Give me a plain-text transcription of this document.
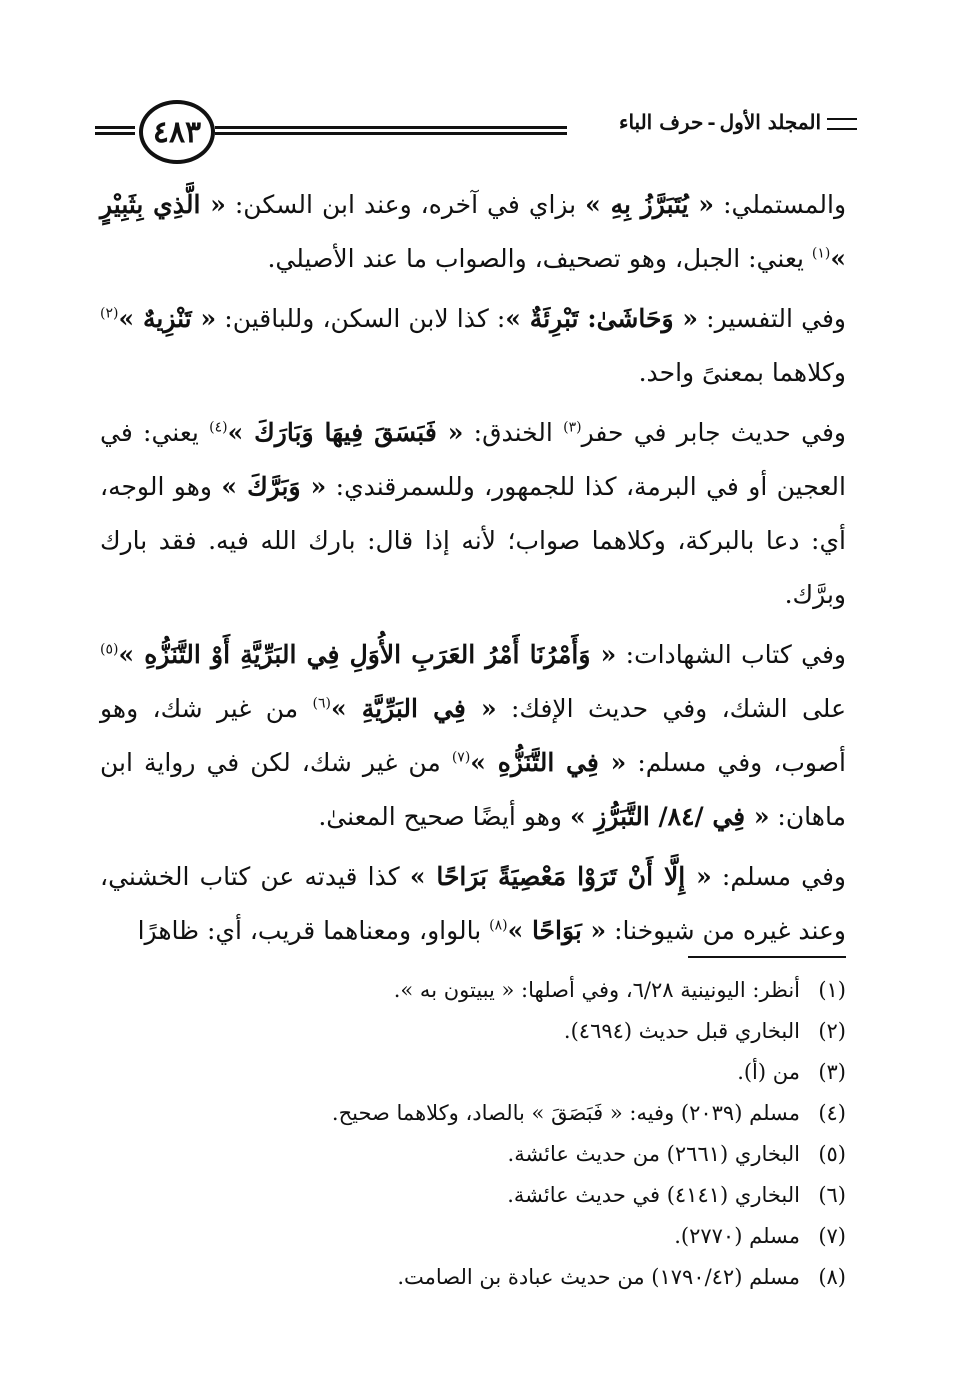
٤٨٣	المجلد الأول-حرف الباء

والمستملي: « يُتَبَرَّزُ بِهِ » بزاي في آخره، وعند ابن السكن: « الَّذِي بِثَبِيْرٍ »$^{(١)}$ يعني: الجبل، وهو تصحيف، والصواب ما عند الأصيلي.

وفي التفسير: « وَحَاشَىٰ: تَبْرِئَةٌ »: كذا لابن السكن، وللباقين: « تَنْزِيهٌ »$^{(٢)}$ وكلاهما بمعنىً واحد.

وفي حديث جابر في حفر$^{(٣)}$ الخندق: « فَبَسَقَ فِيهَا وَبَارَكَ »$^{(٤)}$ يعني: في العجين أو في البرمة، كذا للجمهور، وللسمرقندي: « وَبَرَّكَ » وهو الوجه، أي: دعا بالبركة، وكلاهما صواب؛ لأنه إذا قال: بارك الله فيه. فقد بارك وبرَّك.

وفي كتاب الشهادات: « وَأَمْرُنَا أَمْرُ العَرَبِ الأُوَلِ فِي البَرِّيَّةِ أَوْ التَّنَزُّهِ »$^{(٥)}$ على الشك، وفي حديث الإفك: « فِي البَرِّيَّةِ »$^{(٦)}$ من غير شك، وهو أصوب، وفي مسلم: « فِي التَّنَزُّهِ »$^{(٧)}$ من غير شك، لكن في رواية ابن ماهان: « فِي /٨٤/ التَّبَرُّزِ » وهو أيضًا صحيح المعنىٰ.

وفي مسلم: « إِلَّا أَنْ تَرَوْا مَعْصِيَةً بَرَاحًا » كذا قيدته عن كتاب الخشني، وعند غيره من شيوخنا: « بَوَاحًا »$^{(٨)}$ بالواو، ومعناهما قريب، أي: ظاهرًا

(١)
أنظر: اليونينية ٦/٢٨، وفي أصلها: « يبيتون به ».
(٢)
البخاري قبل حديث (٤٦٩٤).
(٣)
من (أ).
(٤)
مسلم (٢٠٣٩) وفيه: « فَبَصَقَ » بالصاد، وكلاهما صحيح.
(٥)
البخاري (٢٦٦١) من حديث عائشة.
(٦)
البخاري (٤١٤١) في حديث عائشة.
(٧)
مسلم (٢٧٧٠).
(٨)
مسلم (١٧٩٠/٤٢) من حديث عبادة بن الصامت.
